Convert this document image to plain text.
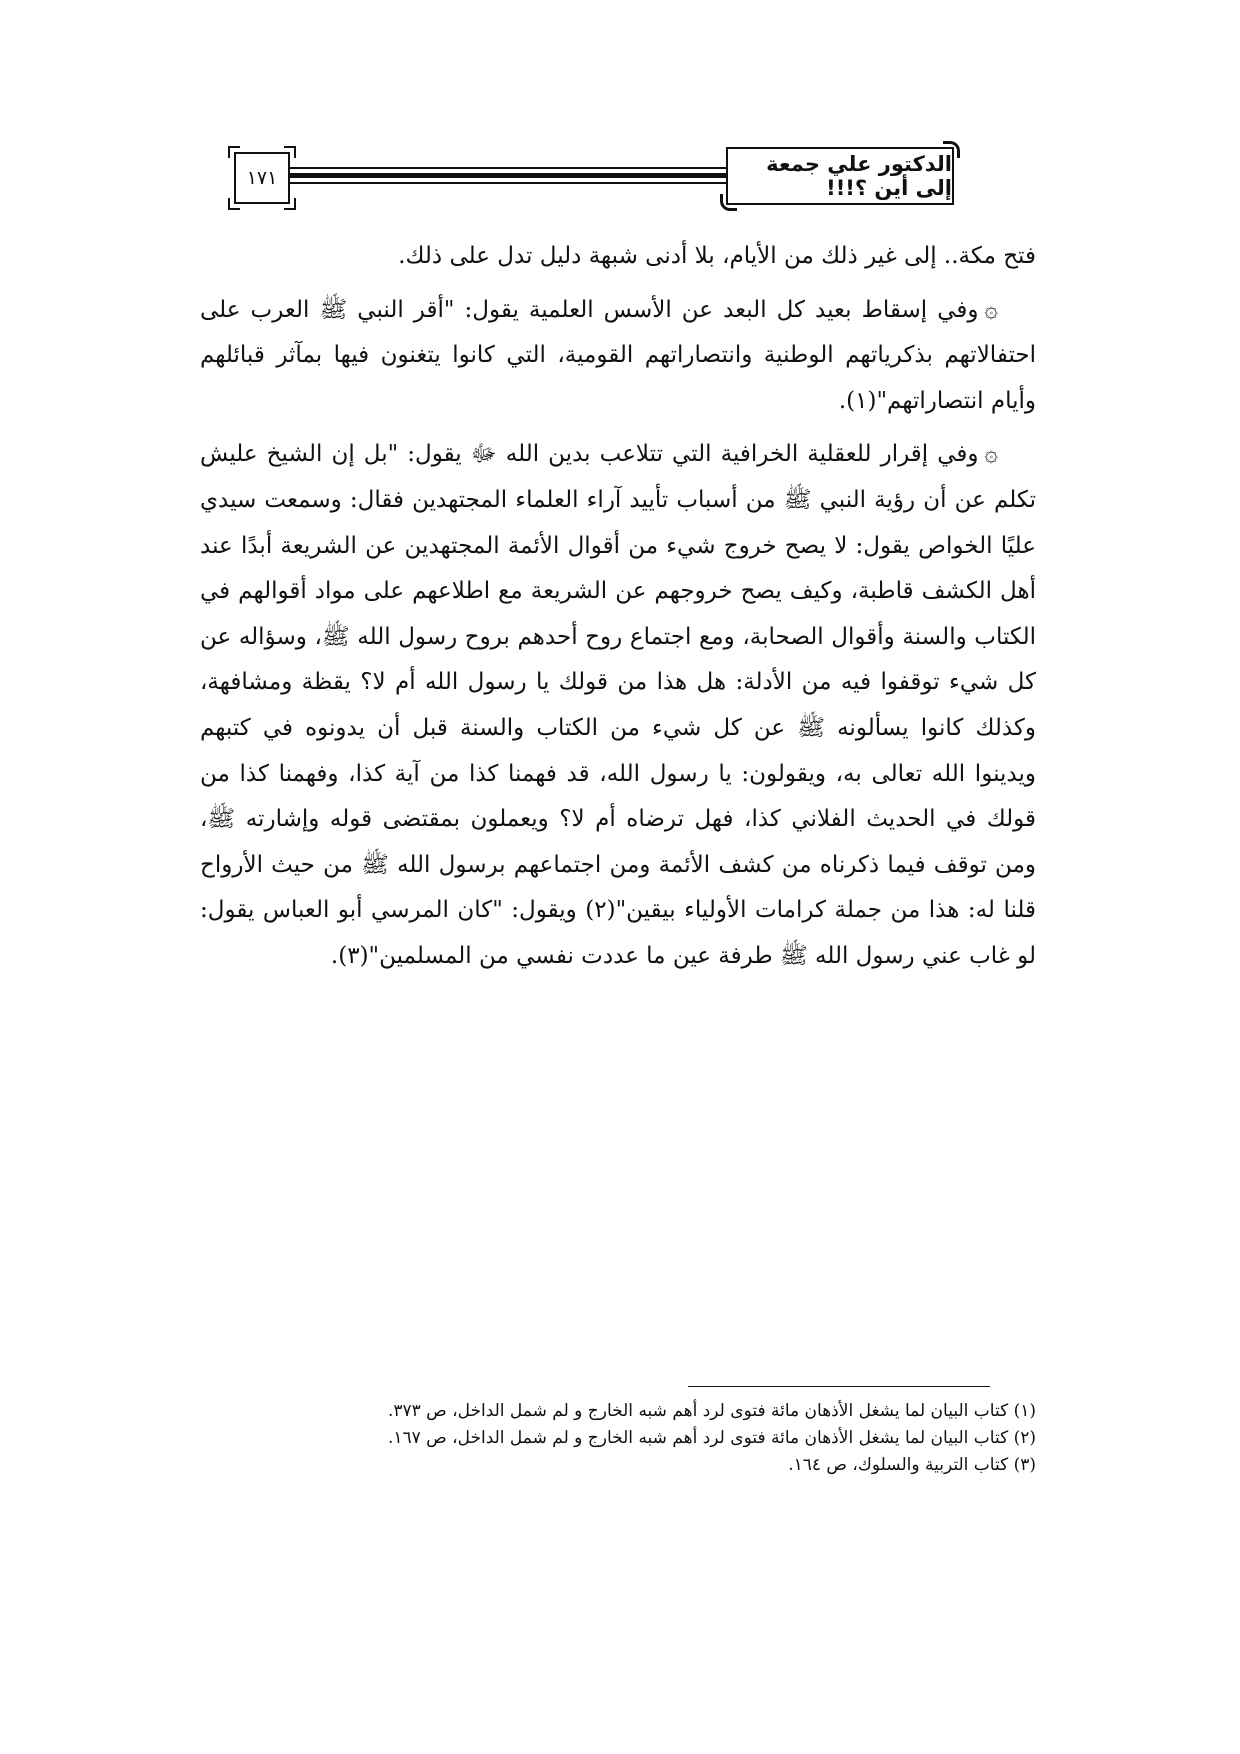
الدكتور علي جمعة إلى أين ؟!!!
١٧١

فتح مكة.. إلى غير ذلك من الأيام، بلا أدنى شبهة دليل تدل على ذلك.

۞وفي إسقاط بعيد كل البعد عن الأسس العلمية يقول: "أقر النبي ﷺ العرب على احتفالاتهم بذكرياتهم الوطنية وانتصاراتهم القومية، التي كانوا يتغنون فيها بمآثر قبائلهم وأيام انتصاراتهم"(١).

۞وفي إقرار للعقلية الخرافية التي تتلاعب بدين الله ﷻ يقول: "بل إن الشيخ عليش تكلم عن أن رؤية النبي ﷺ من أسباب تأييد آراء العلماء المجتهدين فقال: وسمعت سيدي عليًا الخواص يقول: لا يصح خروج شيء من أقوال الأئمة المجتهدين عن الشريعة أبدًا عند أهل الكشف قاطبة، وكيف يصح خروجهم عن الشريعة مع اطلاعهم على مواد أقوالهم في الكتاب والسنة وأقوال الصحابة، ومع اجتماع روح أحدهم بروح رسول الله ﷺ، وسؤاله عن كل شيء توقفوا فيه من الأدلة: هل هذا من قولك يا رسول الله أم لا؟ يقظة ومشافهة، وكذلك كانوا يسألونه ﷺ عن كل شيء من الكتاب والسنة قبل أن يدونوه في كتبهم ويدينوا الله تعالى به، ويقولون: يا رسول الله، قد فهمنا كذا من آية كذا، وفهمنا كذا من قولك في الحديث الفلاني كذا، فهل ترضاه أم لا؟ ويعملون بمقتضى قوله وإشارته ﷺ، ومن توقف فيما ذكرناه من كشف الأئمة ومن اجتماعهم برسول الله ﷺ من حيث الأرواح قلنا له: هذا من جملة كرامات الأولياء بيقين"(٢) ويقول: "كان المرسي أبو العباس يقول: لو غاب عني رسول الله ﷺ طرفة عين ما عددت نفسي من المسلمين"(٣).

(١) كتاب البيان لما يشغل الأذهان مائة فتوى لرد أهم شبه الخارج و لم شمل الداخل، ص ٣٧٣.

(٢) كتاب البيان لما يشغل الأذهان مائة فتوى لرد أهم شبه الخارج و لم شمل الداخل، ص ١٦٧.

(٣) كتاب التربية والسلوك، ص ١٦٤.
